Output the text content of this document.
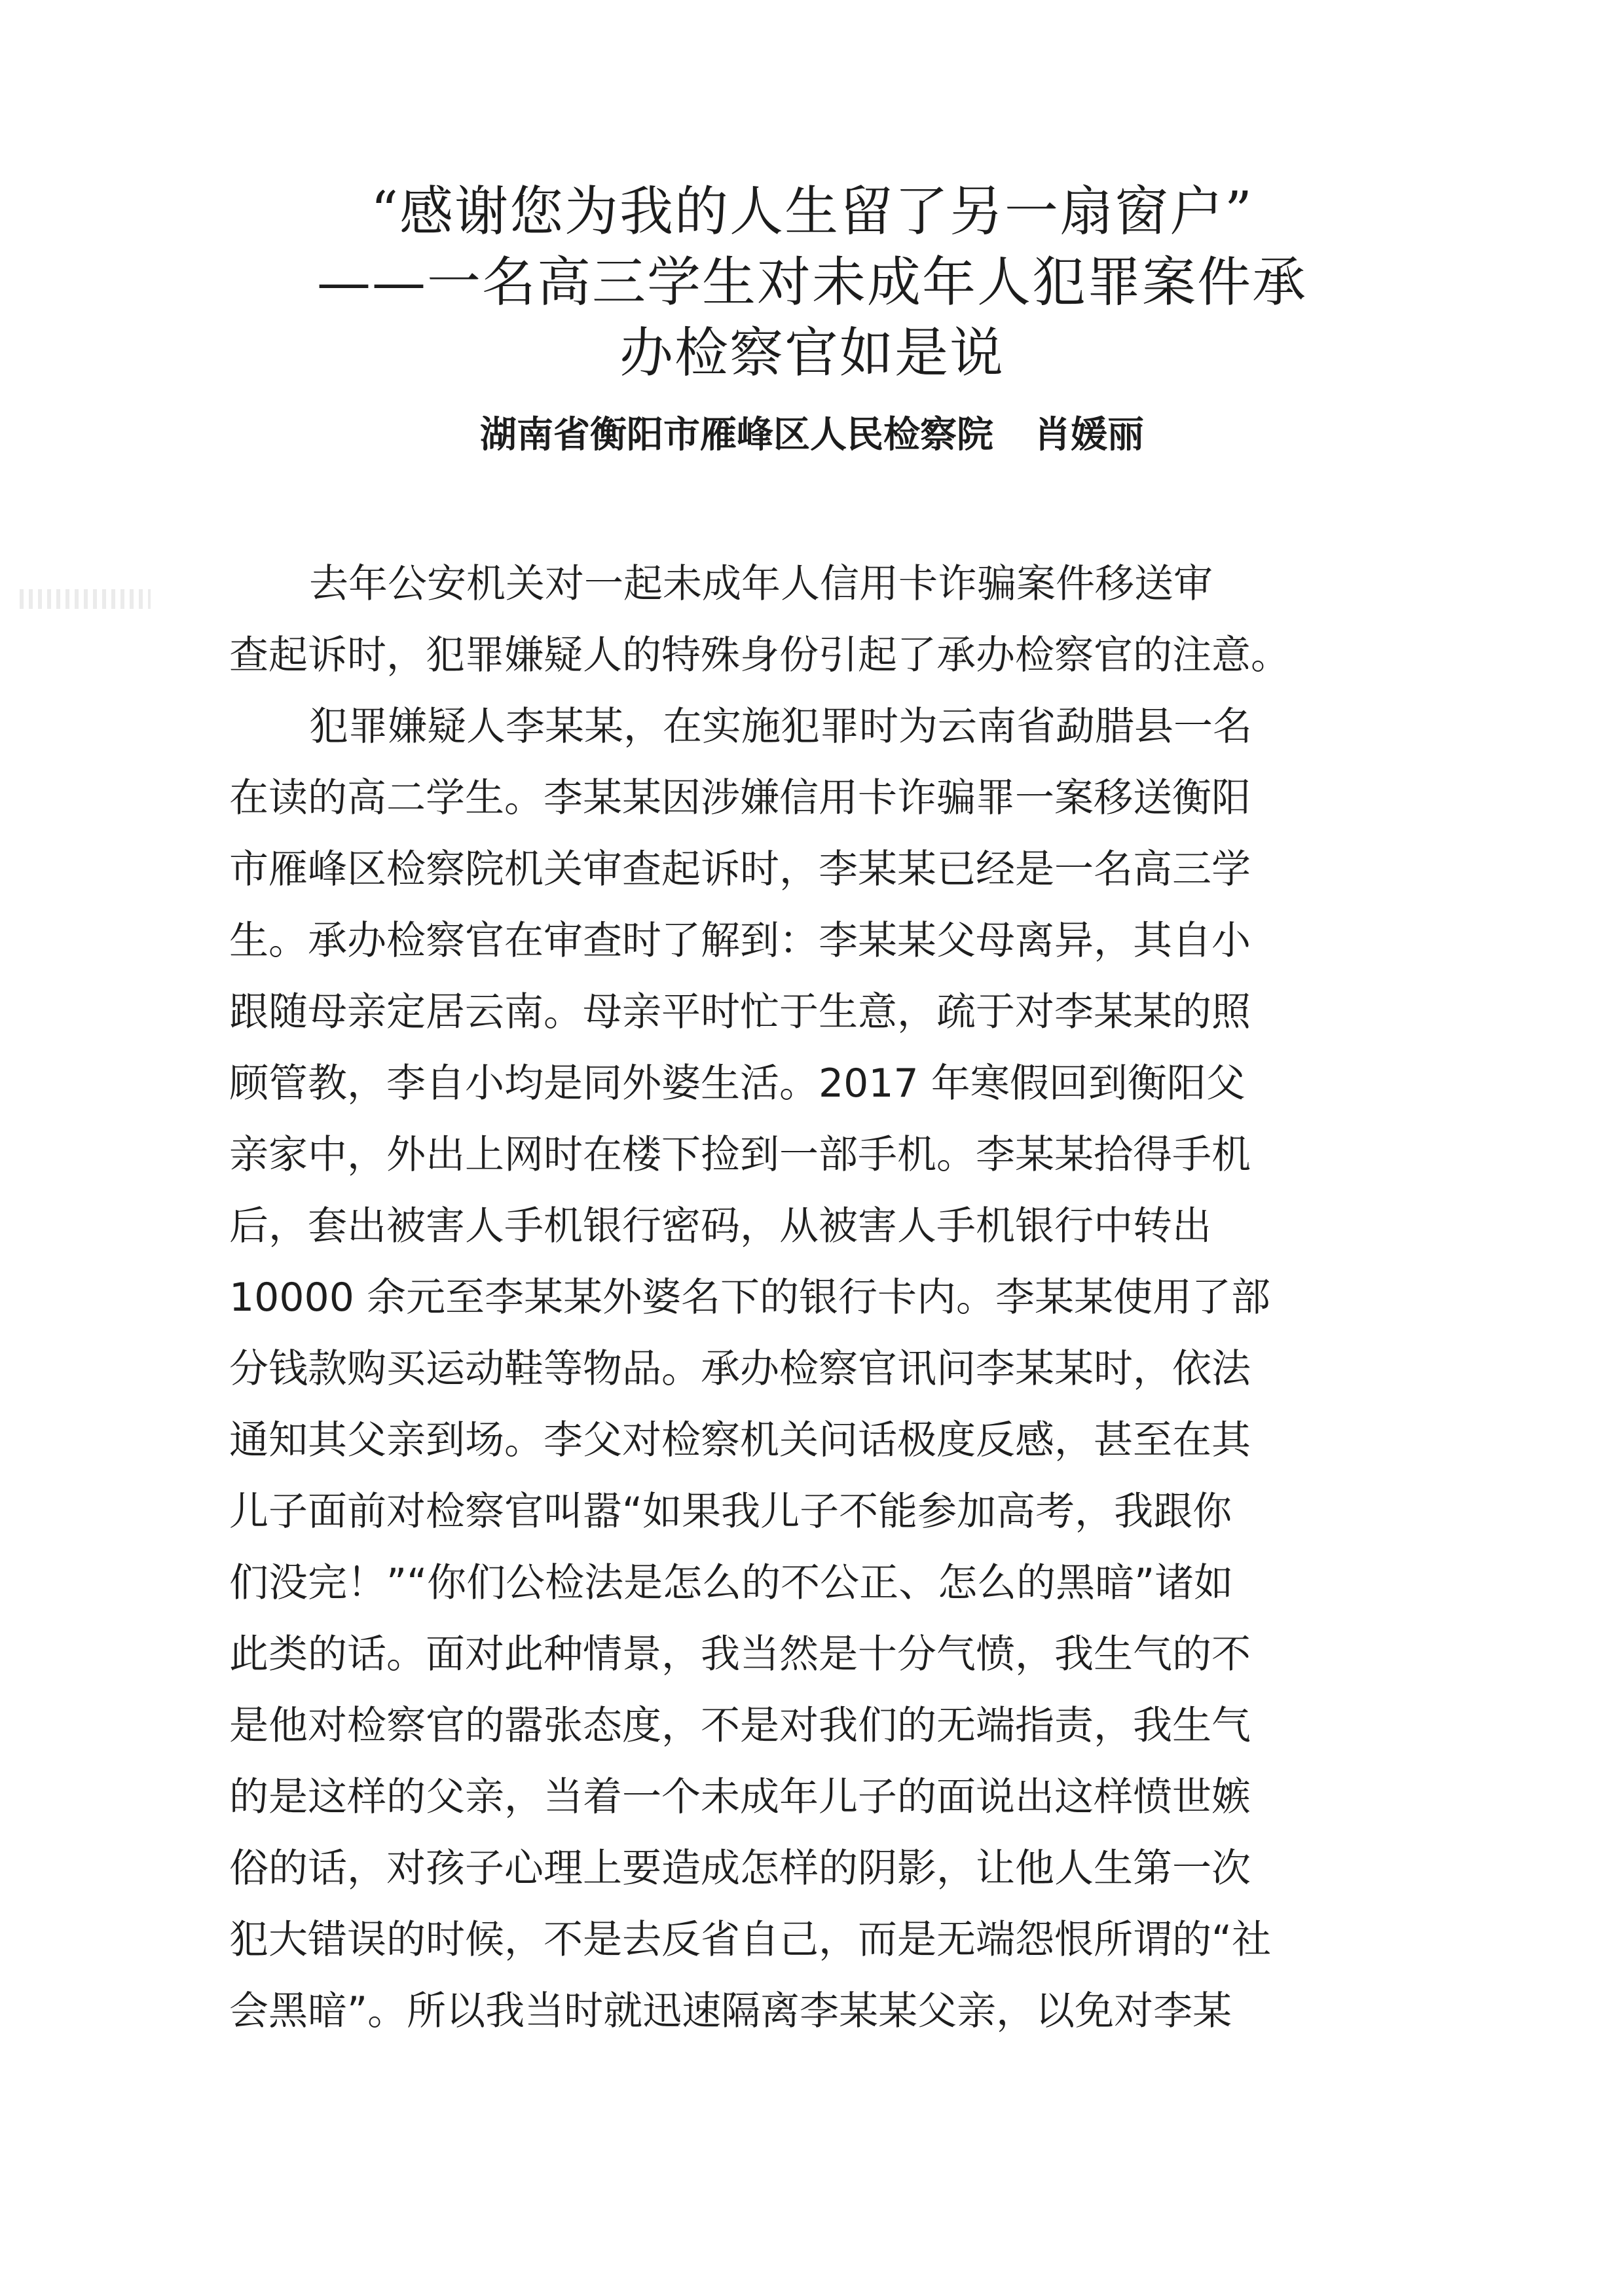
“感谢您为我的人生留了另一扇窗户”
——一名高三学生对未成年人犯罪案件承
办检察官如是说
湖南省衡阳市雁峰区人民检察院 肖媛丽
去年公安机关对一起未成年人信用卡诈骗案件移送审
查起诉时，犯罪嫌疑人的特殊身份引起了承办检察官的注意。
犯罪嫌疑人李某某，在实施犯罪时为云南省勐腊县一名
在读的高二学生。李某某因涉嫌信用卡诈骗罪一案移送衡阳
市雁峰区检察院机关审查起诉时，李某某已经是一名高三学
生。承办检察官在审查时了解到：李某某父母离异，其自小
跟随母亲定居云南。母亲平时忙于生意，疏于对李某某的照
顾管教，李自小均是同外婆生活。2017 年寒假回到衡阳父
亲家中，外出上网时在楼下捡到一部手机。李某某拾得手机
后，套出被害人手机银行密码，从被害人手机银行中转出
10000 余元至李某某外婆名下的银行卡内。李某某使用了部
分钱款购买运动鞋等物品。承办检察官讯问李某某时，依法
通知其父亲到场。李父对检察机关问话极度反感，甚至在其
儿子面前对检察官叫嚣“如果我儿子不能参加高考，我跟你
们没完！”“你们公检法是怎么的不公正、怎么的黑暗”诸如
此类的话。面对此种情景，我当然是十分气愤，我生气的不
是他对检察官的嚣张态度，不是对我们的无端指责，我生气
的是这样的父亲，当着一个未成年儿子的面说出这样愤世嫉
俗的话，对孩子心理上要造成怎样的阴影，让他人生第一次
犯大错误的时候，不是去反省自己，而是无端怨恨所谓的“社
会黑暗”。所以我当时就迅速隔离李某某父亲，以免对李某
